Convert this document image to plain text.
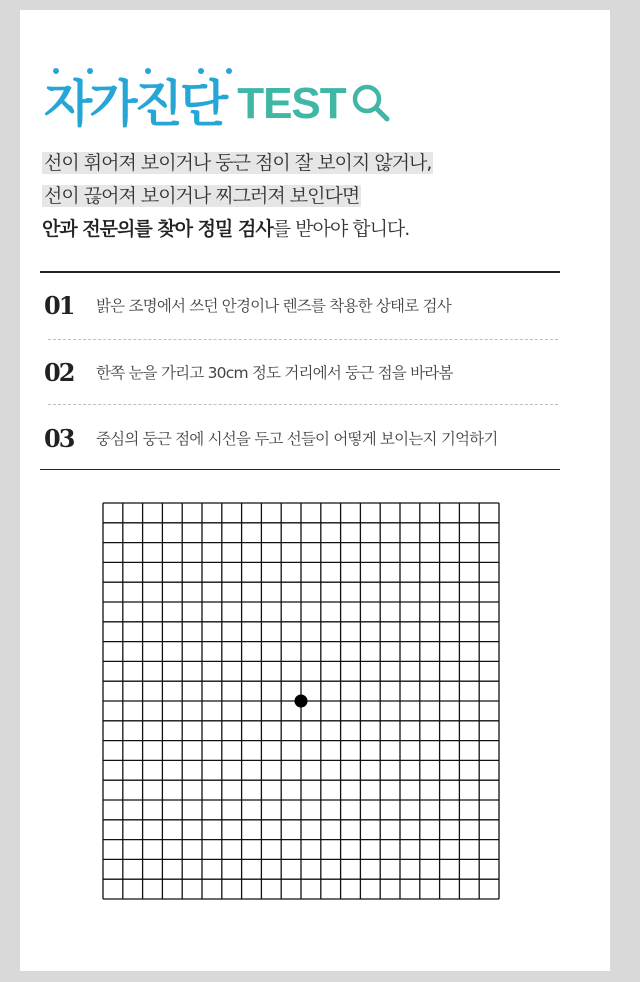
자가진단 TEST
선이 휘어져 보이거나 둥근 점이 잘 보이지 않거나,
선이 끊어져 보이거나 찌그러져 보인다면
안과 전문의를 찾아 정밀 검사를 받아야 합니다.
01	밝은 조명에서 쓰던 안경이나 렌즈를 착용한 상태로 검사
02	한쪽 눈을 가리고 30cm 정도 거리에서 둥근 점을 바라봄
03	중심의 둥근 점에 시선을 두고 선들이 어떻게 보이는지 기억하기
